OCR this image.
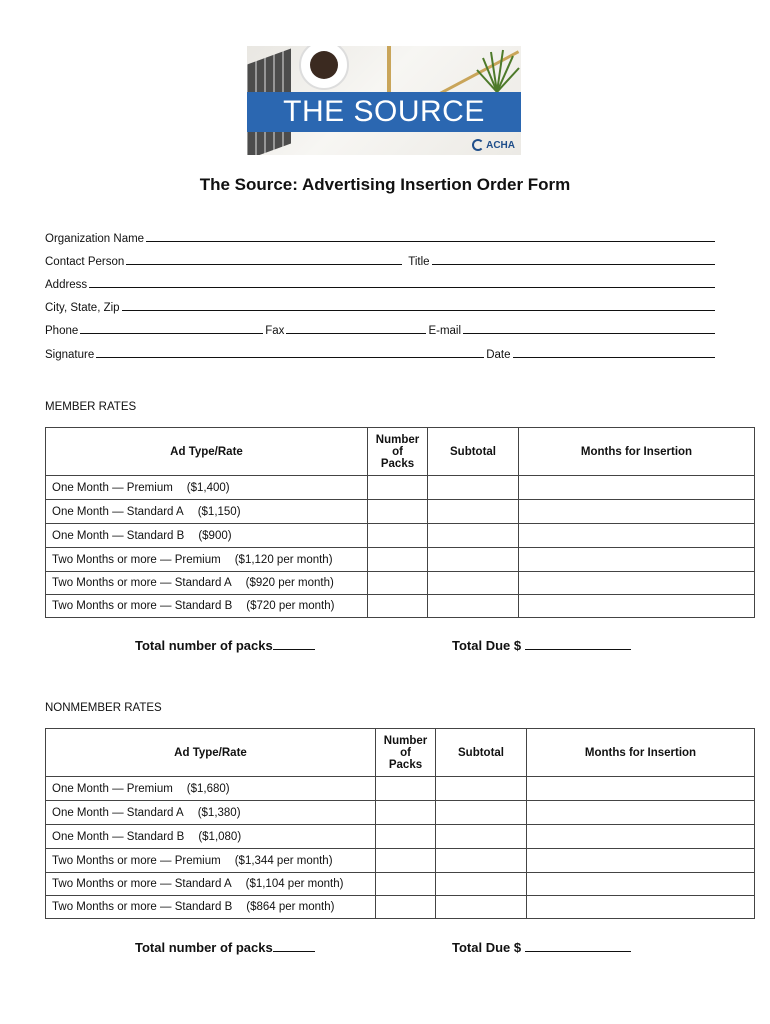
THE SOURCE
ACHA
The Source: Advertising Insertion Order Form
Organization Name
Contact Person	Title
Address
City, State, Zip
Phone	Fax	E-mail
Signature	Date
MEMBER RATES
Ad Type/Rate	Number of Packs	Subtotal	Months for Insertion
One Month — Premium ($1,400)			
One Month — Standard A ($1,150)			
One Month — Standard B ($900)			
Two Months or more — Premium ($1,120 per month)			
Two Months or more — Standard A ($920 per month)			
Two Months or more — Standard B ($720 per month)			
Total number of packs	Total Due $
NONMEMBER RATES
Ad Type/Rate	Number of Packs	Subtotal	Months for Insertion
One Month — Premium ($1,680)			
One Month — Standard A ($1,380)			
One Month — Standard B ($1,080)			
Two Months or more — Premium ($1,344 per month)			
Two Months or more — Standard A ($1,104 per month)			
Two Months or more — Standard B ($864 per month)			
Total number of packs	Total Due $
